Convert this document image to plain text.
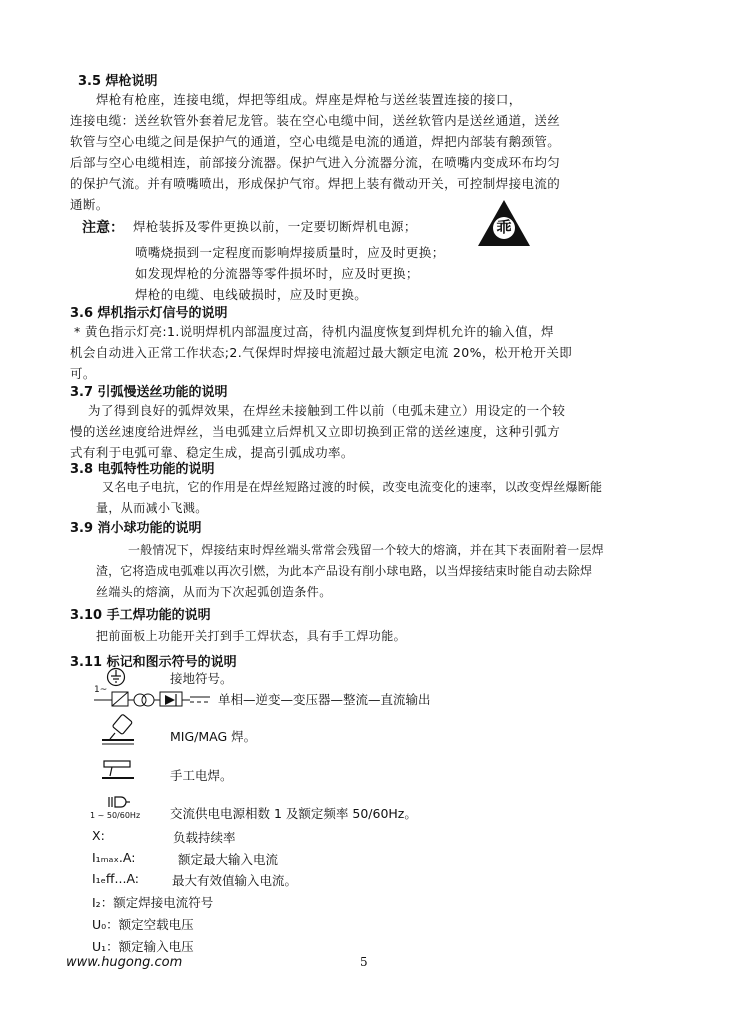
3.5 焊枪说明
焊枪有枪座，连接电缆，焊把等组成。焊座是焊枪与送丝装置连接的接口，
连接电缆：送丝软管外套着尼龙管。装在空心电缆中间，送丝软管内是送丝通道，送丝
软管与空心电缆之间是保护气的通道，空心电缆是电流的通道，焊把内部装有鹅颈管。
后部与空心电缆相连，前部接分流器。保护气进入分流器分流，在喷嘴内变成环布均匀
的保护气流。并有喷嘴喷出，形成保护气帘。焊把上装有微动开关，可控制焊接电流的
通断。
注意： 焊枪装拆及零件更换以前，一定要切断焊机电源；	乖
喷嘴烧损到一定程度而影响焊接质量时，应及时更换；
如发现焊枪的分流器等零件损坏时，应及时更换；
焊枪的电缆、电线破损时，应及时更换。
3.6 焊机指示灯信号的说明
* 黄色指示灯亮:1.说明焊机内部温度过高，待机内温度恢复到焊机允许的输入值，焊
机会自动进入正常工作状态;2.气保焊时焊接电流超过最大额定电流 20%，松开枪开关即
可。
3.7 引弧慢送丝功能的说明
为了得到良好的弧焊效果，在焊丝未接触到工件以前（电弧未建立）用设定的一个较
慢的送丝速度给进焊丝，当电弧建立后焊机又立即切换到正常的送丝速度，这种引弧方
式有利于电弧可靠、稳定生成，提高引弧成功率。
3.8 电弧特性功能的说明
又名电子电抗，它的作用是在焊丝短路过渡的时候，改变电流变化的速率，以改变焊丝爆断能
量，从而减小飞溅。
3.9 消小球功能的说明
一般情况下，焊接结束时焊丝端头常常会残留一个较大的熔滴，并在其下表面附着一层焊
渣，它将造成电弧难以再次引燃，为此本产品设有削小球电路，以当焊接结束时能自动去除焊
丝端头的熔滴，从而为下次起弧创造条件。
3.10 手工焊功能的说明
把前面板上功能开关打到手工焊状态，具有手工焊功能。
3.11 标记和图示符号的说明
接地符号。
1~
单相—逆变—变压器—整流—直流输出
MIG/MAG 焊。
手工电焊。
1 ~ 50/60Hz 交流供电电源相数 1 及额定频率 50/60Hz。
X:	负载持续率
I₁ₘₐₓ.A:	额定最大输入电流
I₁ₑff...A:	最大有效值输入电流。
I₂：额定焊接电流符号
U₀：额定空载电压
U₁：额定输入电压
www.hugong.com	5
